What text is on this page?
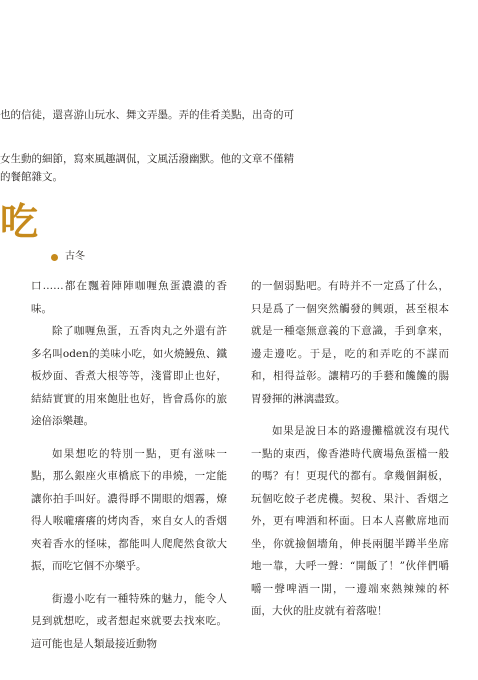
也的信徒，還喜游山玩水、舞文弄墨。弄的佳肴美點，出奇的可
女生動的細節，寫來風趣調侃，文風活潑幽默。他的文章不僅精
的餐館雜文。
吃
古冬

口……都在飄着陣陣咖喱魚蛋濃濃的香味。

除了咖喱魚蛋，五香肉丸之外還有許多名叫oden的美味小吃，如火燒鰻魚、鐵板炒面、香煮大根等等，淺嘗即止也好，結結實實的用來飽肚也好，皆會爲你的旅途倍添樂趣。

如果想吃的特別一點，更有滋味一點，那么銀座火車橋底下的串燒，一定能讓你拍手叫好。濃得睜不開眼的烟霧，燎得人喉嚨癢癢的烤肉香，來自女人的香烟夾着香水的怪味，都能叫人爬爬然食欲大振，而吃它個不亦樂乎。

街邊小吃有一種特殊的魅力，能令人見到就想吃，或者想起來就要去找來吃。這可能也是人類最接近動物

的一個弱點吧。有時并不一定爲了什么，只是爲了一個突然觸發的興頭，甚至根本就是一種毫無意義的下意識，手到拿來，邊走邊吃。于是，吃的和弄吃的不謀而和，相得益彰。讓精巧的手藝和饞饞的腸胃發揮的淋漓盡致。

如果是說日本的路邊攤檔就沒有現代一點的東西，像香港時代廣場魚蛋檔一般的嗎？有！更現代的都有。拿幾個銅板，玩個吃餃子老虎機。契稅、果汁、香烟之外，更有啤酒和杯面。日本人喜歡席地而坐，你就撿個墻角，伸長兩腿半蹲半坐席地一靠，大呼一聲：“開飯了！”伙伴們嚼嚼一聲啤酒一開，一邊端來熱辣辣的杯面，大伙的肚皮就有着落啦！
